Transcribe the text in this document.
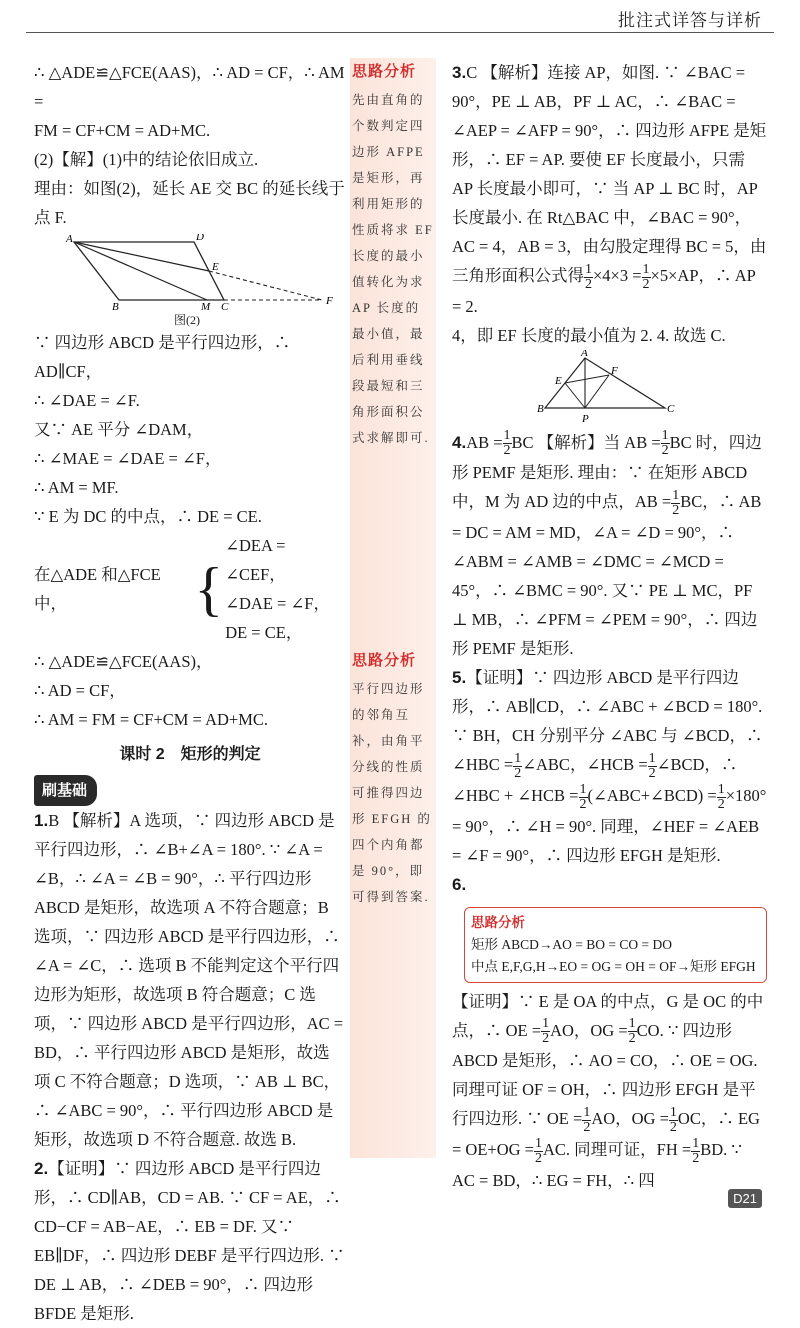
批注式详答与详析

∴ △ADE≌△FCE(AAS)，∴ AD = CF，∴ AM =

FM = CF+CM = AD+MC.

(2)【解】(1)中的结论依旧成立.

理由：如图(2)，延长 AE 交 BC 的延长线于点 F.

A	D
E
B	M C	F
图(2)

∵ 四边形 ABCD 是平行四边形，∴ AD∥CF，

∴ ∠DAE = ∠F.

又∵ AE 平分 ∠DAM，

∴ ∠MAE = ∠DAE = ∠F，

∴ AM = MF.

∵ E 为 DC 的中点，∴ DE = CE.

在△ADE 和△FCE 中，	{

∠DEA = ∠CEF，

∠DAE = ∠F，

DE = CE，

∴ △ADE≌△FCE(AAS)，

∴ AD = CF，

∴ AM = FM = CF+CM = AD+MC.

课时 2　矩形的判定
刷基础

1.B 【解析】A 选项，∵ 四边形 ABCD 是平行四边形，∴ ∠B+∠A = 180°. ∵ ∠A = ∠B，∴ ∠A = ∠B = 90°，∴ 平行四边形 ABCD 是矩形，故选项 A 不符合题意；B 选项，∵ 四边形 ABCD 是平行四边形，∴ ∠A = ∠C，∴ 选项 B 不能判定这个平行四边形为矩形，故选项 B 符合题意；C 选项，∵ 四边形 ABCD 是平行四边形，AC = BD，∴ 平行四边形 ABCD 是矩形，故选项 C 不符合题意；D 选项，∵ AB ⊥ BC，∴ ∠ABC = 90°，∴ 平行四边形 ABCD 是矩形，故选项 D 不符合题意. 故选 B.

2.【证明】∵ 四边形 ABCD 是平行四边形，∴ CD∥AB，CD = AB. ∵ CF = AE，∴ CD−CF = AB−AE，∴ EB = DF. 又∵ EB∥DF，∴ 四边形 DEBF 是平行四边形. ∵ DE ⊥ AB，∴ ∠DEB = 90°，∴ 四边形 BFDE 是矩形.

思路分析
先由直角的个数判定四边形 AFPE 是矩形，再利用矩形的性质将求 EF 长度的最小值转化为求 AP 长度的最小值，最后利用垂线段最短和三角形面积公式求解即可.
思路分析
平行四边形的邻角互补，由角平分线的性质可推得四边形 EFGH 的四个内角都是 90°，即可得到答案.

3.C 【解析】连接 AP，如图. ∵ ∠BAC = 90°，PE ⊥ AB，PF ⊥ AC，∴ ∠BAC = ∠AEP = ∠AFP = 90°，∴ 四边形 AFPE 是矩形，∴ EF = AP. 要使 EF 长度最小，只需 AP 长度最小即可，∵ 当 AP ⊥ BC 时，AP 长度最小. 在 Rt△BAC 中，∠BAC = 90°，AC = 4，AB = 3，由勾股定理得 BC = 5，由三角形面积公式得 $\frac{1}{2} \times 4\times 3 = \frac{1}{2} \times 5\times AP$，∴ AP = 2.

4，即 EF 长度的最小值为 2. 4. 故选 C.

A
F
E
B
P
C

$4.AB = \frac{1}{2}$ BC 【解析】当 AB = $\frac{1}{2}$ BC 时，四边形 PEMF 是矩形. 理由：∵ 在矩形 ABCD 中，M 为 AD 边的中点，AB = $\frac{1}{2}$ BC，∴ AB = DC = AM = MD，∠A = ∠D = 90°，∴ ∠ABM = ∠AMB = ∠DMC = ∠MCD = 45°，∴ ∠BMC = 90°. 又∵ PE ⊥ MC，PF ⊥ MB，∴ ∠PFM = ∠PEM = 90°，∴ 四边形 PEMF 是矩形.

5.【证明】∵ 四边形 ABCD 是平行四边形，∴ AB∥CD，∴ ∠ABC + ∠BCD = 180°. ∵ BH，CH 分别平分 ∠ABC 与 ∠BCD，∴ ∠HBC = $\frac{1}{2}$ ∠ABC，∠HCB = $\frac{1}{2}$ ∠BCD，∴ ∠HBC + ∠HCB = $\frac{1}{2}$ (∠ABC+∠BCD) = $\frac{1}{2} \times 180^\circ = 90^\circ$，∴ ∠H = 90°. 同理，∠HEF = ∠AEB = ∠F = 90°，∴ 四边形 EFGH 是矩形.

6.

思路分析
矩形 ABCD→AO = BO = CO = DO
中点 E,F,G,H→EO = OG = OH = OF→矩形 EFGH

【证明】∵ E 是 OA 的中点，G 是 OC 的中点，∴ OE = $\frac{1}{2}$ AO，OG = $\frac{1}{2}$ CO. ∵ 四边形 ABCD 是矩形，∴ AO = CO，∴ OE = OG. 同理可证 OF = OH，∴ 四边形 EFGH 是平行四边形. ∵ OE = $\frac{1}{2}$ AO，OG = $\frac{1}{2}$ OC，∴ EG = $OE+OG = \frac{1}{2}$ AC. 同理可证，FH = $\frac{1}{2}$ BD. ∵ AC = BD，∴ EG = FH，∴ 四

D21
